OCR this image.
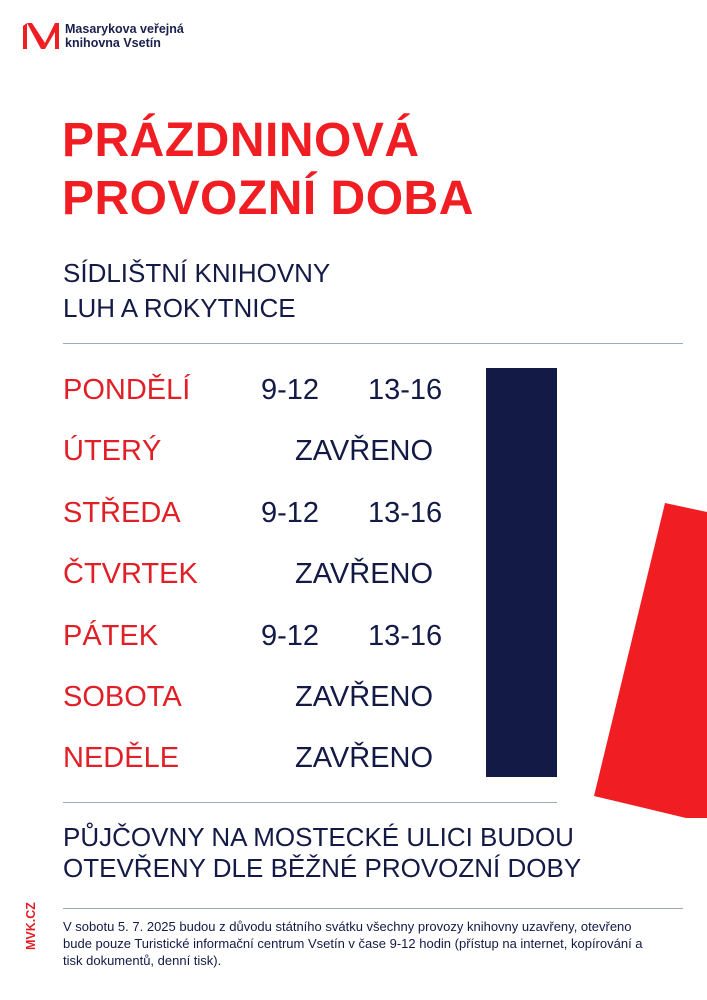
Masarykova veřejná
knihovna Vsetín
PRÁZDNINOVÁ
PROVOZNÍ DOBA
SÍDLIŠTNÍ KNIHOVNY
LUH A ROKYTNICE
PONDĚLÍ 9-12 13-16
ÚTERÝ	ZAVŘENO
STŘEDA	9-12 13-16
ČTVRTEK	ZAVŘENO
PÁTEK	9-12 13-16
SOBOTA	ZAVŘENO
NEDĚLE	ZAVŘENO
PŮJČOVNY NA MOSTECKÉ ULICI BUDOU
OTEVŘENY DLE BĚŽNÉ PROVOZNÍ DOBY

V sobotu 5. 7. 2025 budou z důvodu státního svátku všechny provozy knihovny uzavřeny, otevřeno bude pouze Turistické informační centrum Vsetín v čase 9-12 hodin (přístup na internet, kopírování a tisk dokumentů, denní tisk).

MVK.CZ
